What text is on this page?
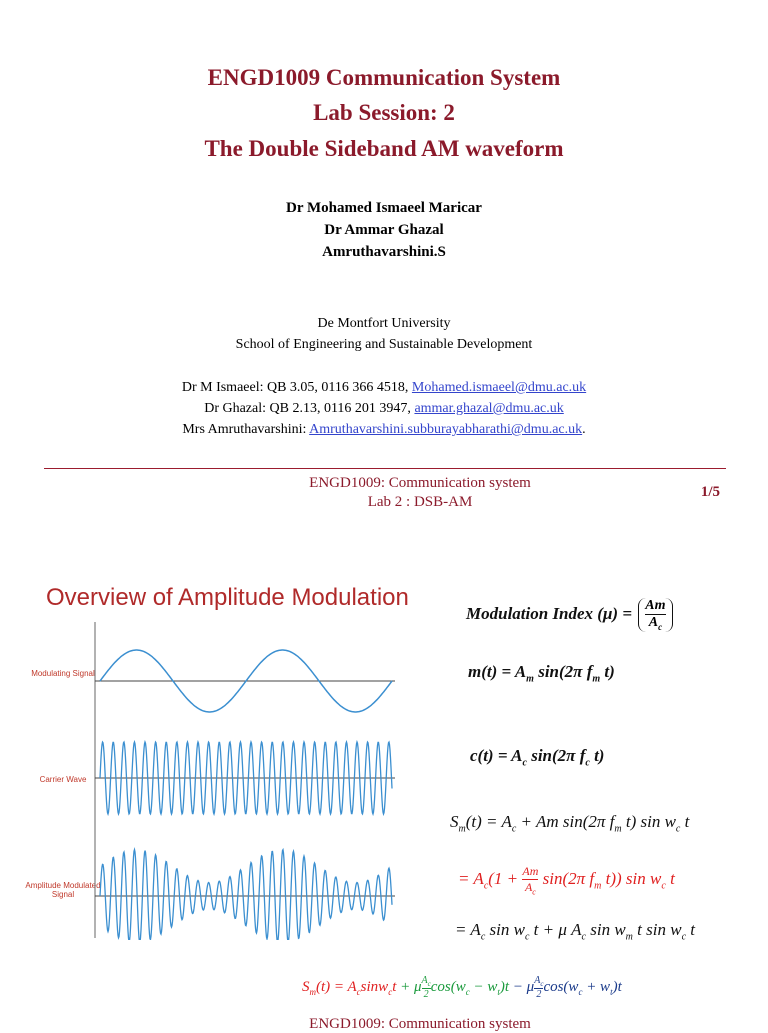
ENGD1009 Communication System
Lab Session: 2
The Double Sideband AM waveform
Dr Mohamed Ismaeel Maricar
Dr Ammar Ghazal
Amruthavarshini.S
De Montfort University
School of Engineering and Sustainable Development
Dr M Ismaeel: QB 3.05, 0116 366 4518, Mohamed.ismaeel@dmu.ac.uk
Dr Ghazal: QB 2.13, 0116 201 3947, ammar.ghazal@dmu.ac.uk
Mrs Amruthavarshini: Amruthavarshini.subburayabharathi@dmu.ac.uk.
ENGD1009: Communication system
Lab 2 : DSB-AM
1/5
Overview of Amplitude Modulation
Modulating Signal
Carrier Wave
Amplitude Modulated Signal
Modulation Index $(\mu) = \frac{Am}{A_c}$
$m(t) = A_m$ sin(2π $f_m$ t)
$c(t) = A_c$ sin(2π $f_c$ t)
$S_m(t) = A_c + Am$ sin(2π $f_m$ t) $\sin w_c$ t
= $A_c(1 + \frac{Am}{A_c} \sin(2\pi$ $f_m$ t)) $\sin w_c$ t
= $A_c$ $\sin w_c$ t + μ $A_c$ $\sin w_m$ t $\sin w_c$ t
$S_m(t) = A_c\sin w_ct + \mu \frac{A_c}{2} \cos(w_c - w_t)t - \mu \frac{A_c}{2} \cos(w_c + w_t)t$
ENGD1009: Communication system
